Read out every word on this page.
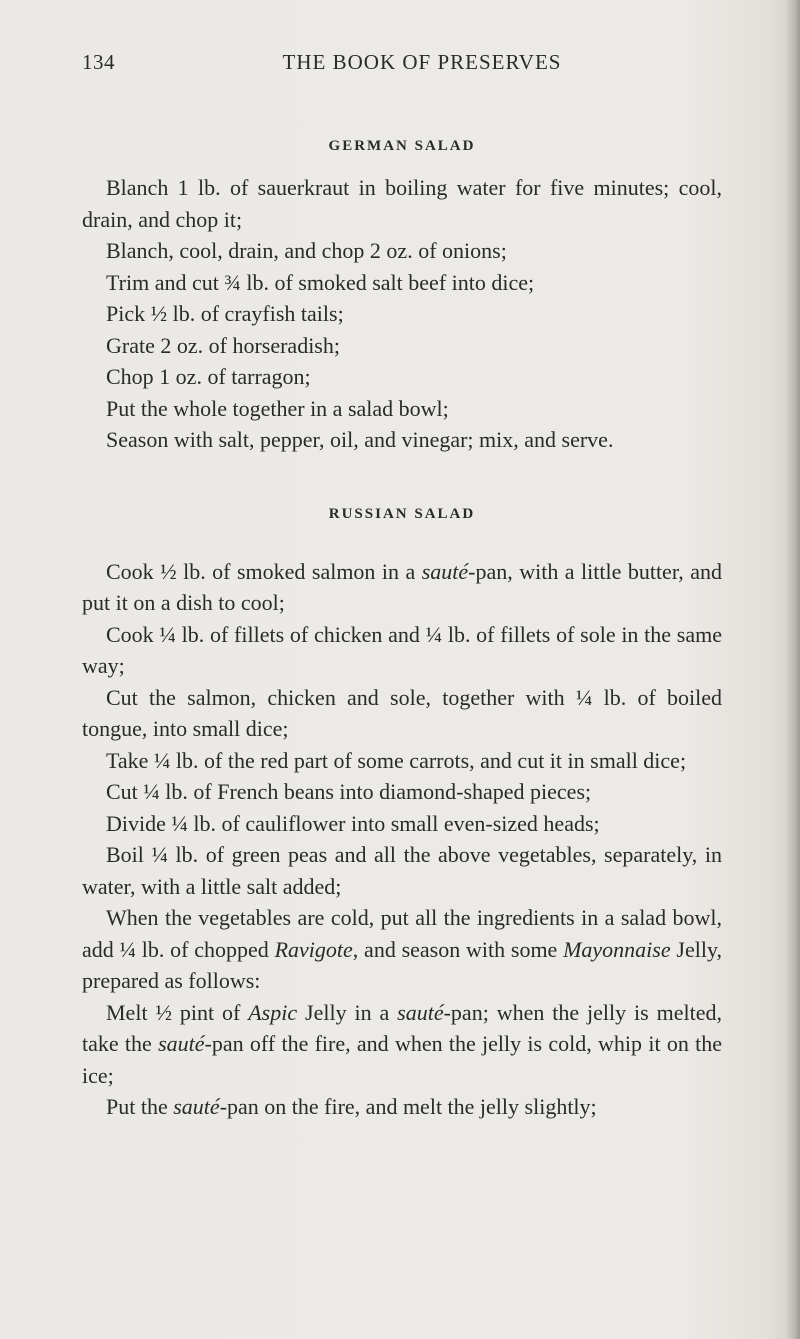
134	THE BOOK OF PRESERVES
GERMAN SALAD

Blanch 1 lb. of sauerkraut in boiling water for five minutes; cool, drain, and chop it;

Blanch, cool, drain, and chop 2 oz. of onions;

Trim and cut ¾ lb. of smoked salt beef into dice;

Pick ½ lb. of crayfish tails;

Grate 2 oz. of horseradish;

Chop 1 oz. of tarragon;

Put the whole together in a salad bowl;

Season with salt, pepper, oil, and vinegar; mix, and serve.

RUSSIAN SALAD

Cook ½ lb. of smoked salmon in a sauté-pan, with a little butter, and put it on a dish to cool;

Cook ¼ lb. of fillets of chicken and ¼ lb. of fillets of sole in the same way;

Cut the salmon, chicken and sole, together with ¼ lb. of boiled tongue, into small dice;

Take ¼ lb. of the red part of some carrots, and cut it in small dice;

Cut ¼ lb. of French beans into diamond-shaped pieces;

Divide ¼ lb. of cauliflower into small even-sized heads;

Boil ¼ lb. of green peas and all the above vegetables, separately, in water, with a little salt added;

When the vegetables are cold, put all the ingredients in a salad bowl, add ¼ lb. of chopped Ravigote, and season with some Mayonnaise Jelly, prepared as follows:

Melt ½ pint of Aspic Jelly in a sauté-pan; when the jelly is melted, take the sauté-pan off the fire, and when the jelly is cold, whip it on the ice;

Put the sauté-pan on the fire, and melt the jelly slightly;
